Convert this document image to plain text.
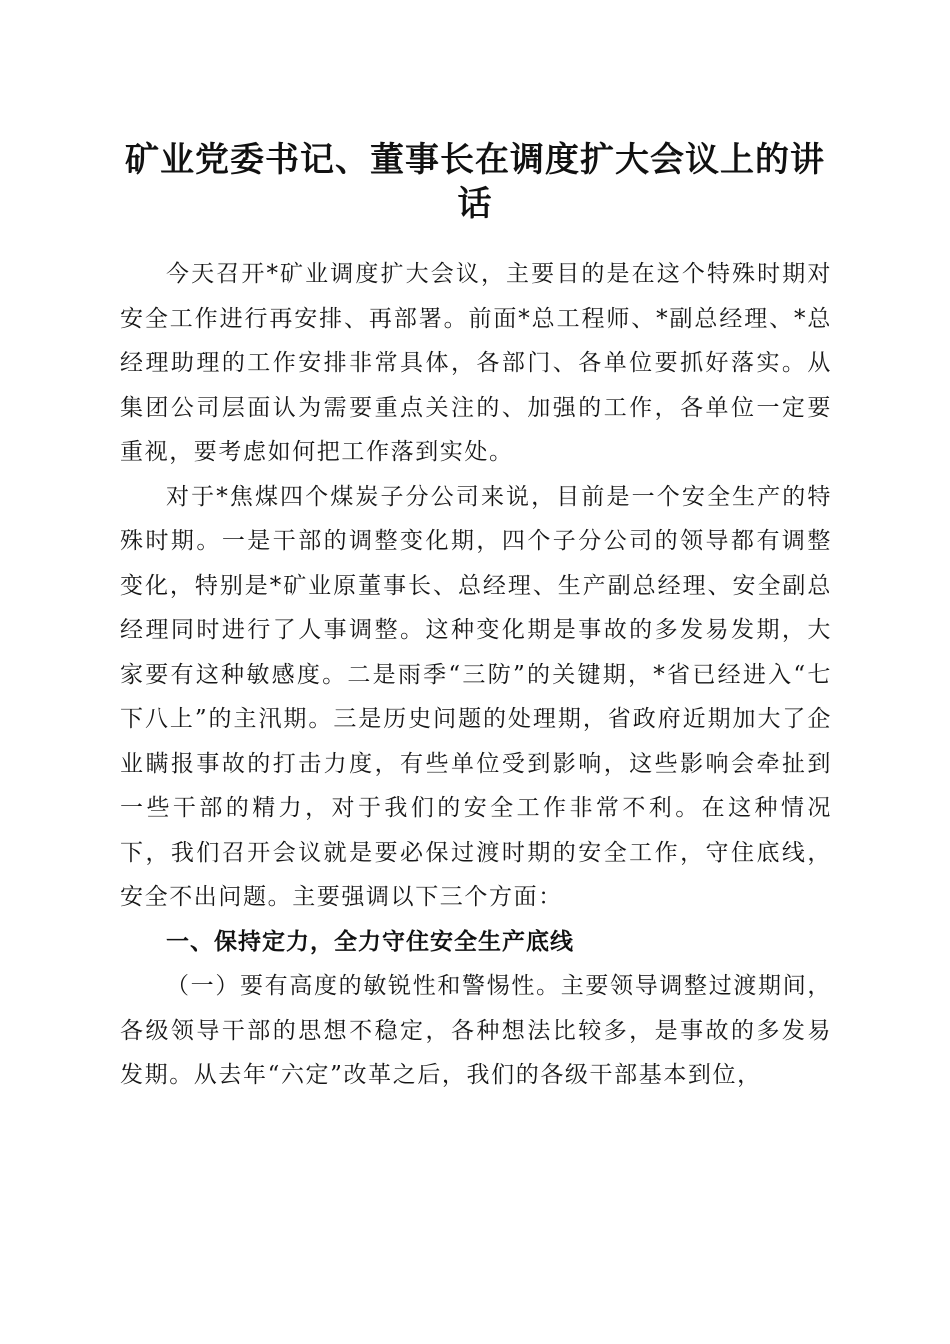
矿业党委书记、董事长在调度扩大会议上的讲话

今天召开*矿业调度扩大会议，主要目的是在这个特殊时期对安全工作进行再安排、再部署。前面*总工程师、*副总经理、*总经理助理的工作安排非常具体，各部门、各单位要抓好落实。从集团公司层面认为需要重点关注的、加强的工作，各单位一定要重视，要考虑如何把工作落到实处。

对于*焦煤四个煤炭子分公司来说，目前是一个安全生产的特殊时期。一是干部的调整变化期，四个子分公司的领导都有调整变化，特别是*矿业原董事长、总经理、生产副总经理、安全副总经理同时进行了人事调整。这种变化期是事故的多发易发期，大家要有这种敏感度。二是雨季“三防”的关键期，*省已经进入“七下八上”的主汛期。三是历史问题的处理期，省政府近期加大了企业瞒报事故的打击力度，有些单位受到影响，这些影响会牵扯到一些干部的精力，对于我们的安全工作非常不利。在这种情况下，我们召开会议就是要必保过渡时期的安全工作，守住底线，安全不出问题。主要强调以下三个方面：

一、保持定力，全力守住安全生产底线

（一）要有高度的敏锐性和警惕性。主要领导调整过渡期间，各级领导干部的思想不稳定，各种想法比较多，是事故的多发易发期。从去年“六定”改革之后，我们的各级干部基本到位，
